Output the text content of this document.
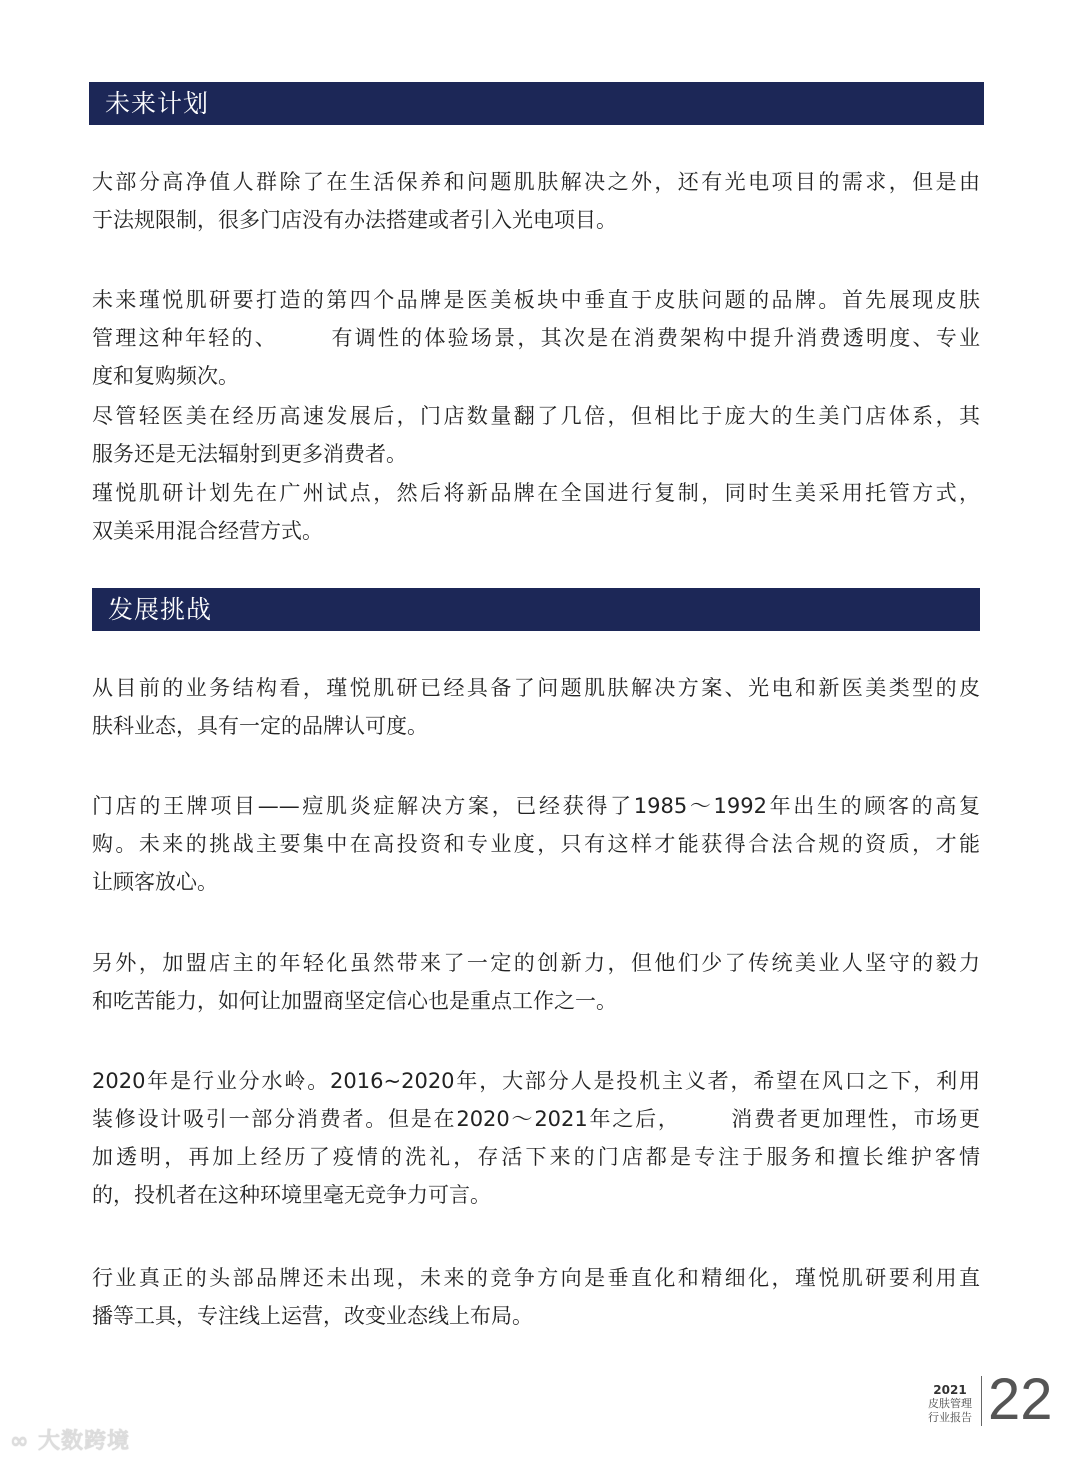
未来计划
发展挑战
大部分高净值人群除了在生活保养和问题肌肤解决之外，还有光电项目的需求，但是由
于法规限制，很多门店没有办法搭建或者引入光电项目。
未来瑾悦肌研要打造的第四个品牌是医美板块中垂直于皮肤问题的品牌。首先展现皮肤
管理这种年轻的、      有调性的体验场景，其次是在消费架构中提升消费透明度、专业
度和复购频次。
尽管轻医美在经历高速发展后，门店数量翻了几倍，但相比于庞大的生美门店体系，其
服务还是无法辐射到更多消费者。
瑾悦肌研计划先在广州试点，然后将新品牌在全国进行复制，同时生美采用托管方式，
双美采用混合经营方式。
从目前的业务结构看，瑾悦肌研已经具备了问题肌肤解决方案、光电和新医美类型的皮
肤科业态，具有一定的品牌认可度。
门店的王牌项目——痘肌炎症解决方案，已经获得了1985～1992年出生的顾客的高复
购。未来的挑战主要集中在高投资和专业度，只有这样才能获得合法合规的资质，才能
让顾客放心。
另外，加盟店主的年轻化虽然带来了一定的创新力，但他们少了传统美业人坚守的毅力
和吃苦能力，如何让加盟商坚定信心也是重点工作之一。
2020年是行业分水岭。2016~2020年，大部分人是投机主义者，希望在风口之下，利用
装修设计吸引一部分消费者。但是在2020～2021年之后，      消费者更加理性，市场更
加透明，再加上经历了疫情的洗礼，存活下来的门店都是专注于服务和擅长维护客情
的，投机者在这种环境里毫无竞争力可言。
行业真正的头部品牌还未出现，未来的竞争方向是垂直化和精细化，瑾悦肌研要利用直
播等工具，专注线上运营，改变业态线上布局。
2021
皮肤管理
行业报告 22
∞ 大数跨境
